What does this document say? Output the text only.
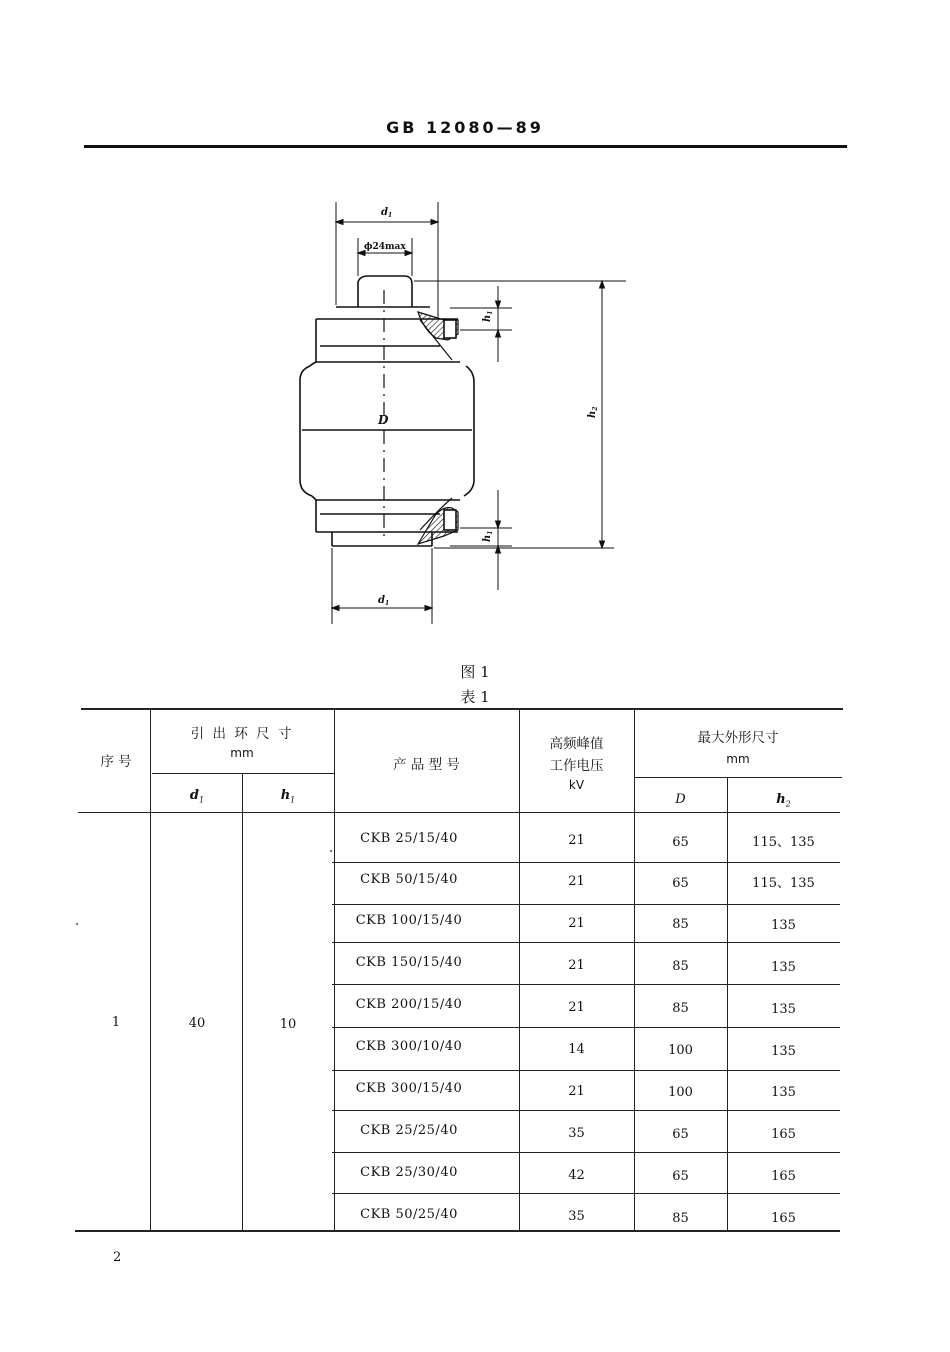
GB 12080—89
$d_1$
ϕ24max
D
$d_1$
$h_1$
$h_1$
$h_2$
图 1
表 1
序 号
引 出 环 尺 寸
mm
$d_1$	$h_1$
产 品 型 号
高频峰值
工作电压
kV
最大外形尺寸
mm
D	$h_2$
1	40	10
CKB 25/15/40	21	65	115、135
CKB 50/15/40	21	65	115、135
CKB 100/15/40	21	85	135
CKB 150/15/40	21	85	135
CKB 200/15/40	21	85	135
CKB 300/10/40	14	100	135
CKB 300/15/40	21	100	135
CKB 25/25/40	35	65	165
CKB 25/30/40	42	65	165
CKB 50/25/40	35	85	165
2
